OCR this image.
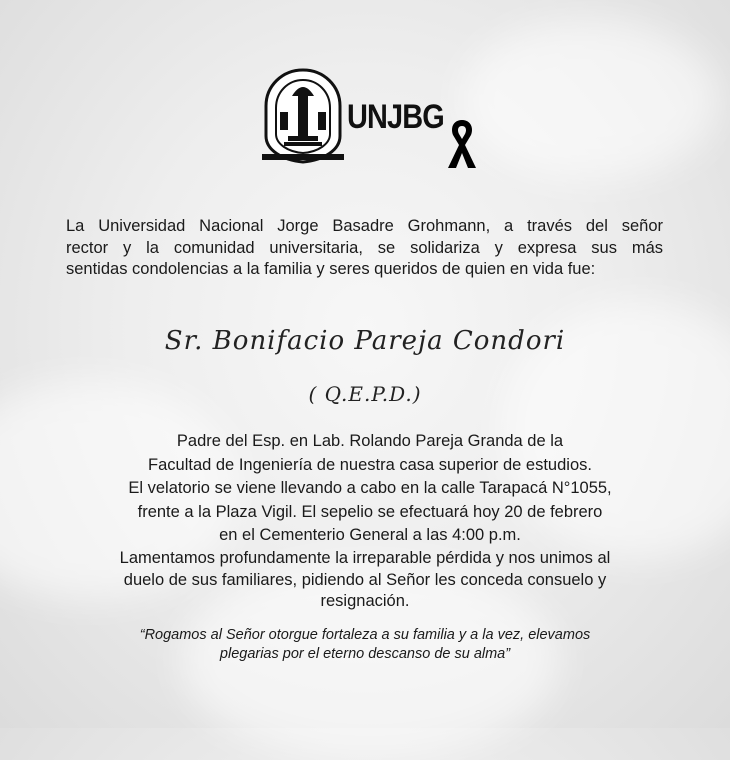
UNJBG
La Universidad Nacional Jorge Basadre Grohmann, a través del señor
rector y la comunidad universitaria, se solidariza y expresa sus más
sentidas condolencias a la familia y seres queridos de quien en vida fue:
Sr. Bonifacio Pareja Condori
( Q.E.P.D.)
Padre del Esp. en Lab. Rolando Pareja Granda de la
Facultad de Ingeniería de nuestra casa superior de estudios.
El velatorio se viene llevando a cabo en la calle Tarapacá N°1055,
frente a la Plaza Vigil. El sepelio se efectuará hoy 20 de febrero
en el Cementerio General a las 4:00 p.m.
Lamentamos profundamente la irreparable pérdida y nos unimos al
duelo de sus familiares, pidiendo al Señor les conceda consuelo y
resignación.
“Rogamos al Señor otorgue fortaleza a su familia y a la vez, elevamos
plegarias por el eterno descanso de su alma”
